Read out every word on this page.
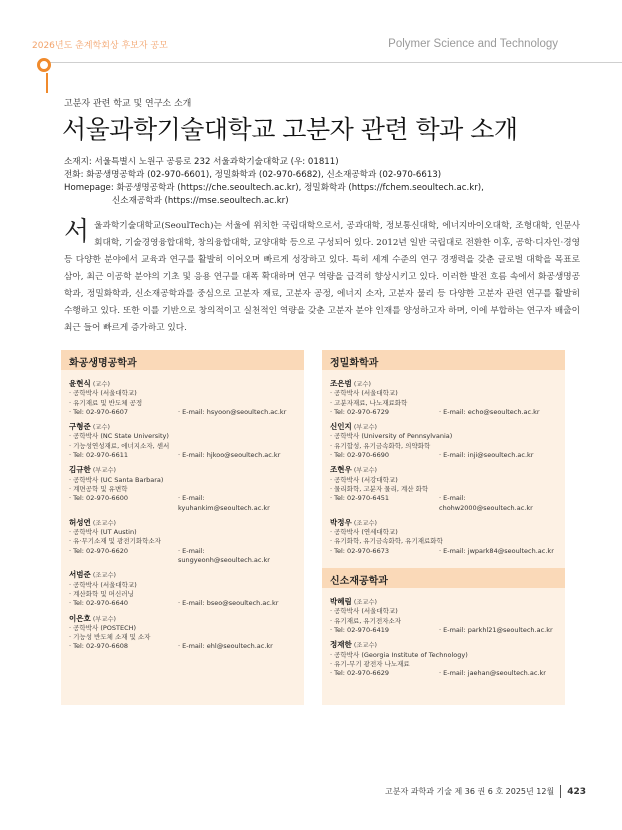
2026년도 춘계학회상 후보자 공모	Polymer Science and Technology
고분자 관련 학교 및 연구소 소개
서울과학기술대학교 고분자 관련 학과 소개
소재지: 서울특별시 노원구 공릉로 232 서울과학기술대학교 (우: 01811)
전화: 화공생명공학과 (02-970-6601), 정밀화학과 (02-970-6682), 신소재공학과 (02-970-6613)
Homepage: 화공생명공학과 (https://che.seoultech.ac.kr), 정밀화학과 (https://fchem.seoultech.ac.kr),
신소재공학과 (https://mse.seoultech.ac.kr)
서 울과학기술대학교(SeoulTech)는 서울에 위치한 국립대학으로서, 공과대학, 정보통신대학, 에너지바이오대학, 조형대학, 인문사회대학, 기술경영융합대학, 창의융합대학, 교양대학 등으로 구성되어 있다. 2012년 일반 국립대로 전환한 이후, 공학·디자인·경영 등 다양한 분야에서 교육과 연구를 활발히 이어오며 빠르게 성장하고 있다. 특히 세계 수준의 연구 경쟁력을 갖춘 글로벌 대학을 목표로 삼아, 최근 이공학 분야의 기초 및 응용 연구를 대폭 확대하며 연구 역량을 급격히 향상시키고 있다. 이러한 발전 흐름 속에서 화공생명공학과, 정밀화학과, 신소재공학과를 중심으로 고분자 재료, 고분자 공정, 에너지 소자, 고분자 물리 등 다양한 고분자 관련 연구를 활발히 수행하고 있다. 또한 이를 기반으로 창의적이고 실천적인 역량을 갖춘 고분자 분야 인재를 양성하고자 하며, 이에 부합하는 연구자 배출이 최근 들어 빠르게 증가하고 있다.
화공생명공학과
윤현식 (교수)
· 공학박사 (서울대학교)
· 유기재료 및 반도체 공정
· Tel: 02-970-6607	· E-mail: hsyoon@seoultech.ac.kr
구형준 (교수)
· 공학박사 (NC State University)
· 기능성연성재료, 에너지소자, 센서
· Tel: 02-970-6611	· E-mail: hjkoo@seoultech.ac.kr
김규한 (부교수)
· 공학박사 (UC Santa Barbara)
· 계면공학 및 유변학
· Tel: 02-970-6600	· E-mail: kyuhankim@seoultech.ac.kr
허성연 (조교수)
· 공학박사 (UT Austin)
· 유·무기소재 및 광전기화학소자
· Tel: 02-970-6620	· E-mail: sungyeonh@seoultech.ac.kr
서범준 (조교수)
· 공학박사 (서울대학교)
· 계산화학 및 머신러닝
· Tel: 02-970-6640	· E-mail: bseo@seoultech.ac.kr
이은호 (부교수)
· 공학박사 (POSTECH)
· 기능성 반도체 소재 및 소자
· Tel: 02-970-6608	· E-mail: ehl@seoultech.ac.kr
정밀화학과
조은범 (교수)
· 공학박사 (서울대학교)
· 고분자재료, 나노재료화학
· Tel: 02-970-6729	· E-mail: echo@seoultech.ac.kr
신인지 (부교수)
· 공학박사 (University of Pennsylvania)
· 유기합성, 유기금속화학, 의약화학
· Tel: 02-970-6690	· E-mail: inji@seoultech.ac.kr
조현우 (부교수)
· 공학박사 (서강대학교)
· 물리화학, 고분자 물리, 계산 화학
· Tel: 02-970-6451	· E-mail: chohw2000@seoultech.ac.kr
박정우 (조교수)
· 공학박사 (연세대학교)
· 유기화학, 유기금속화학, 유기재료화학
· Tel: 02-970-6673	· E-mail: jwpark84@seoultech.ac.kr
신소재공학과
박혜림 (조교수)
· 공학박사 (서울대학교)
· 유기재료, 유기전자소자
· Tel: 02-970-6419	· E-mail: parkhl21@seoultech.ac.kr
정재한 (조교수)
· 공학박사 (Georgia Institute of Technology)
· 유기-무기 광전자 나노재료
· Tel: 02-970-6629	· E-mail: jaehan@seoultech.ac.kr
고분자 과학과 기술 제 36 권 6 호 2025년 12월 423
